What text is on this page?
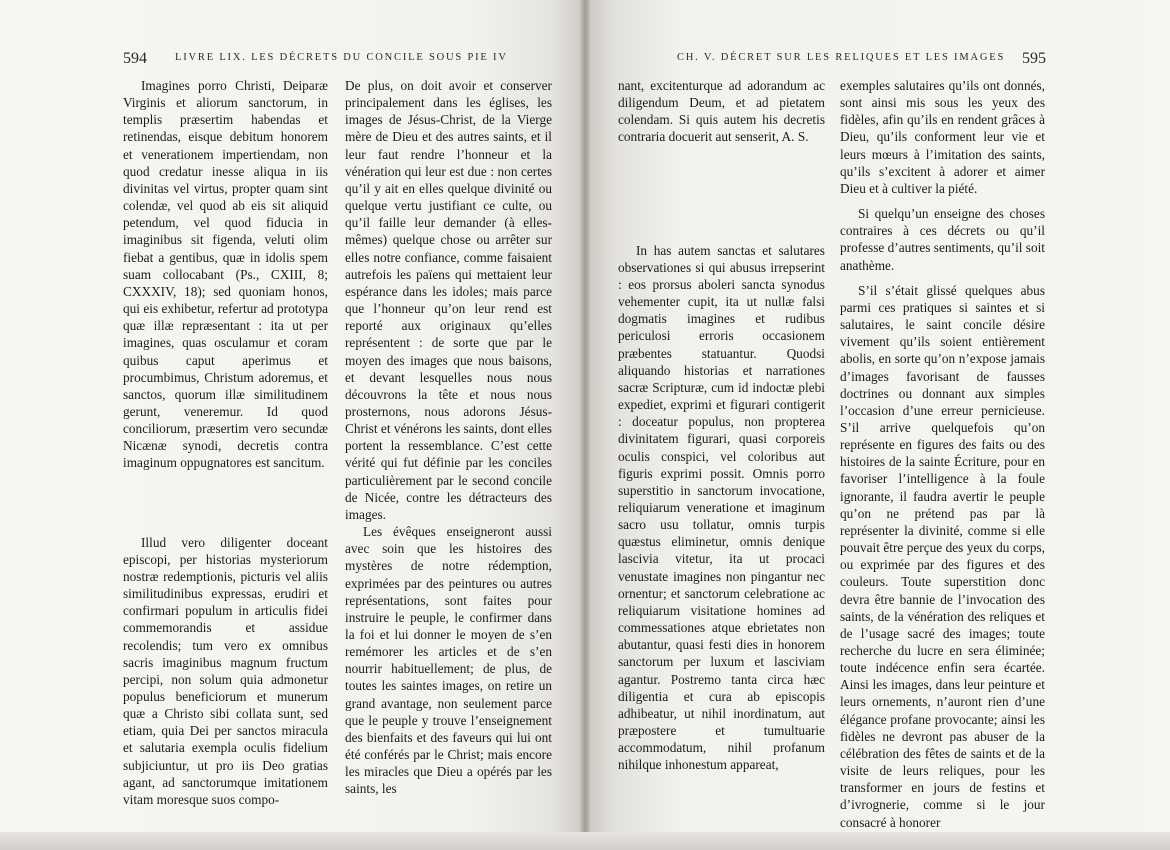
594	LIVRE LIX. LES DÉCRETS DU CONCILE SOUS PIE IV

Imagines porro Christi, Deiparæ Virginis et aliorum sanctorum, in templis præsertim habendas et retinendas, eisque debitum honorem et venerationem impertiendam, non quod credatur inesse aliqua in iis divinitas vel virtus, propter quam sint colendæ, vel quod ab eis sit aliquid petendum, vel quod fiducia in imaginibus sit figenda, veluti olim fiebat a gentibus, quæ in idolis spem suam collocabant (Ps., CXIII, 8; CXXXIV, 18); sed quoniam honos, qui eis exhibetur, refertur ad prototypa quæ illæ repræsentant : ita ut per imagines, quas osculamur et coram quibus caput aperimus et procumbimus, Christum adoremus, et sanctos, quorum illæ similitudinem gerunt, veneremur. Id quod conciliorum, præsertim vero secundæ Nicænæ synodi, decretis contra imaginum oppugnatores est sancitum.

Illud vero diligenter doceant episcopi, per historias mysteriorum nostræ redemptionis, picturis vel aliis similitudinibus expressas, erudiri et confirmari populum in articulis fidei commemorandis et assidue recolendis; tum vero ex omnibus sacris imaginibus magnum fructum percipi, non solum quia admonetur populus beneficiorum et munerum quæ a Christo sibi collata sunt, sed etiam, quia Dei per sanctos miracula et salutaria exempla oculis fidelium subjiciuntur, ut pro iis Deo gratias agant, ad sanctorumque imitationem vitam moresque suos compo-

De plus, on doit avoir et conserver principalement dans les églises, les images de Jésus-Christ, de la Vierge mère de Dieu et des autres saints, et il leur faut rendre l’honneur et la vénération qui leur est due : non certes qu’il y ait en elles quelque divinité ou quelque vertu justifiant ce culte, ou qu’il faille leur demander (à elles-mêmes) quelque chose ou arrêter sur elles notre confiance, comme faisaient autrefois les païens qui mettaient leur espérance dans les idoles; mais parce que l’honneur qu’on leur rend est reporté aux originaux qu’elles représentent : de sorte que par le moyen des images que nous baisons, et devant lesquelles nous nous découvrons la tête et nous nous prosternons, nous adorons Jésus-Christ et vénérons les saints, dont elles portent la ressemblance. C’est cette vérité qui fut définie par les conciles particulièrement par le second concile de Nicée, contre les détracteurs des images.

Les évêques enseigneront aussi avec soin que les histoires des mystères de notre rédemption, exprimées par des peintures ou autres représentations, sont faites pour instruire le peuple, le confirmer dans la foi et lui donner le moyen de s’en remémorer les articles et de s’en nourrir habituellement; de plus, de toutes les saintes images, on retire un grand avantage, non seulement parce que le peuple y trouve l’enseignement des bienfaits et des faveurs qui lui ont été conférés par le Christ; mais encore les miracles que Dieu a opérés par les saints, les

CH. V. DÉCRET SUR LES RELIQUES ET LES IMAGES 595

nant, excitenturque ad adorandum ac diligendum Deum, et ad pietatem colendam. Si quis autem his decretis contraria docuerit aut senserit, A. S.

In has autem sanctas et salutares observationes si qui abusus irrepserint : eos prorsus aboleri sancta synodus vehementer cupit, ita ut nullæ falsi dogmatis imagines et rudibus periculosi erroris occasionem præbentes statuantur. Quodsi aliquando historias et narrationes sacræ Scripturæ, cum id indoctæ plebi expediet, exprimi et figurari contigerit : doceatur populus, non propterea divinitatem figurari, quasi corporeis oculis conspici, vel coloribus aut figuris exprimi possit. Omnis porro superstitio in sanctorum invocatione, reliquiarum veneratione et imaginum sacro usu tollatur, omnis turpis quæstus eliminetur, omnis denique lascivia vitetur, ita ut procaci venustate imagines non pingantur nec ornentur; et sanctorum celebratione ac reliquiarum visitatione homines ad commessationes atque ebrietates non abutantur, quasi festi dies in honorem sanctorum per luxum et lasciviam agantur. Postremo tanta circa hæc diligentia et cura ab episcopis adhibeatur, ut nihil inordinatum, aut præpostere et tumultuarie accommodatum, nihil profanum nihilque inhonestum appareat,

exemples salutaires qu’ils ont donnés, sont ainsi mis sous les yeux des fidèles, afin qu’ils en rendent grâces à Dieu, qu’ils conforment leur vie et leurs mœurs à l’imitation des saints, qu’ils s’excitent à adorer et aimer Dieu et à cultiver la piété.

Si quelqu’un enseigne des choses contraires à ces décrets ou qu’il professe d’autres sentiments, qu’il soit anathème.

S’il s’était glissé quelques abus parmi ces pratiques si saintes et si salutaires, le saint concile désire vivement qu’ils soient entièrement abolis, en sorte qu’on n’expose jamais d’images favorisant de fausses doctrines ou donnant aux simples l’occasion d’une erreur pernicieuse. S’il arrive quelquefois qu’on représente en figures des faits ou des histoires de la sainte Écriture, pour en favoriser l’intelligence à la foule ignorante, il faudra avertir le peuple qu’on ne prétend pas par là représenter la divinité, comme si elle pouvait être perçue des yeux du corps, ou exprimée par des figures et des couleurs. Toute superstition donc devra être bannie de l’invocation des saints, de la vénération des reliques et de l’usage sacré des images; toute recherche du lucre en sera éliminée; toute indécence enfin sera écartée. Ainsi les images, dans leur peinture et leurs ornements, n’auront rien d’une élégance profane provocante; ainsi les fidèles ne devront pas abuser de la célébration des fêtes de saints et de la visite de leurs reliques, pour les transformer en jours de festins et d’ivrognerie, comme si le jour consacré à honorer
